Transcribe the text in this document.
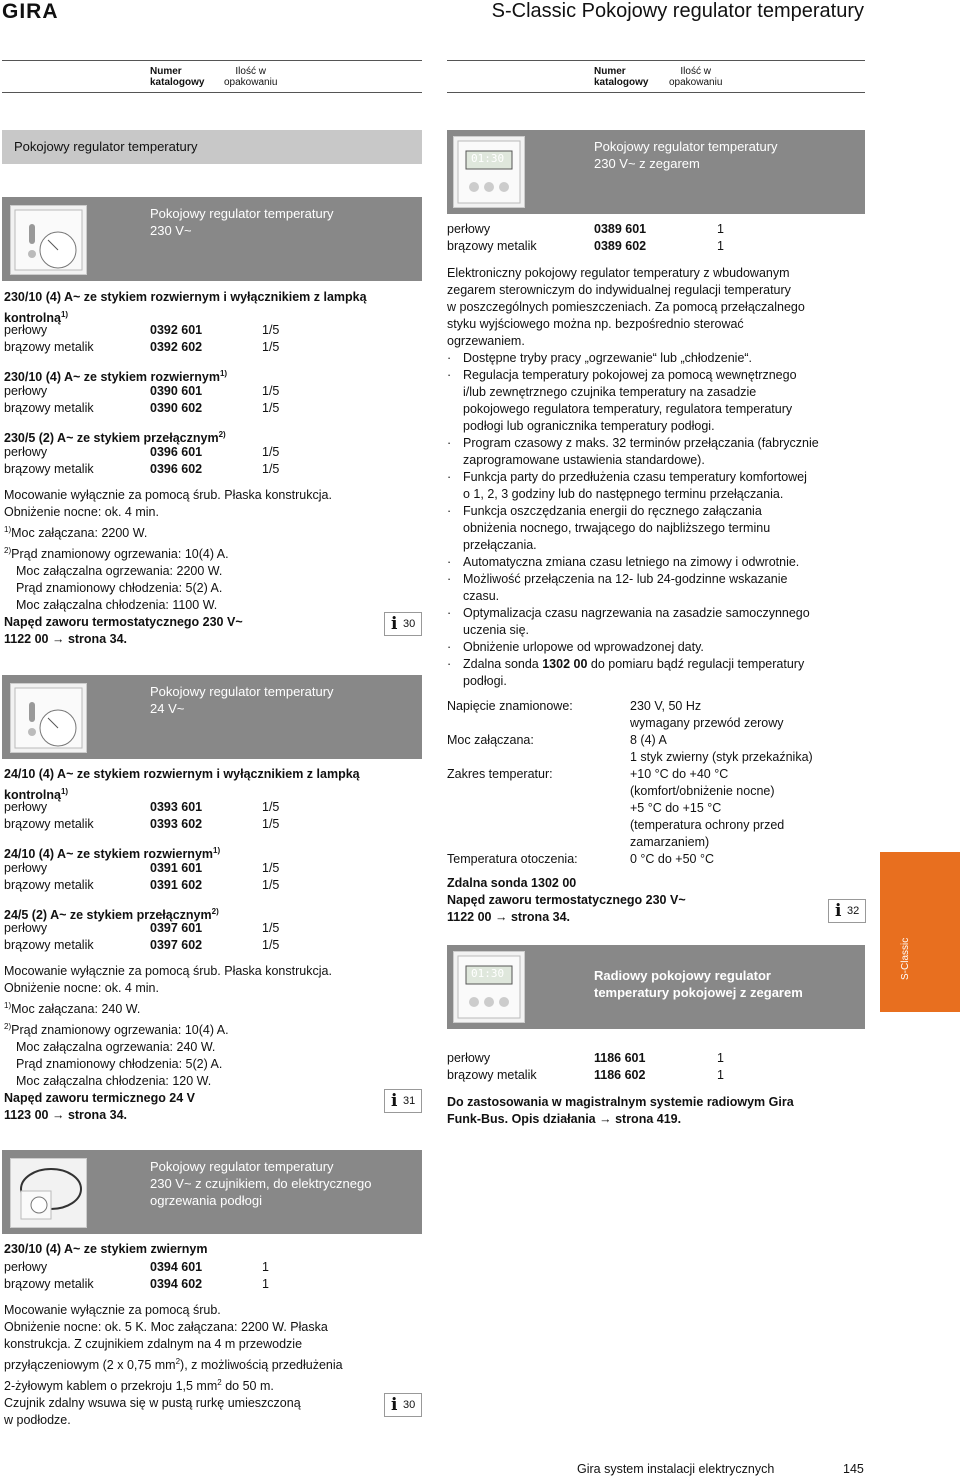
GIRA	S-Classic Pokojowy regulator temperatury
Numer
katalogowy
Ilość w
opakowaniu
Numer
katalogowy
Ilość w
opakowaniu
Pokojowy regulator temperatury
Pokojowy regulator temperatury
230 V~
230/10 (4) A~ ze stykiem rozwiernym i wyłącznikiem z lampką
kontrolną$^{1)}$
perłowy	0392 601	1/5
brązowy metalik	0392 602	1/5
230/10 (4) A~ ze stykiem rozwiernym$^{1)}$
perłowy	0390 601	1/5
brązowy metalik	0390 602	1/5
230/5 (2) A~ ze stykiem przełącznym$^{2)}$
perłowy	0396 601	1/5
brązowy metalik	0396 602	1/5
Mocowanie wyłącznie za pomocą śrub. Płaska konstrukcja.
Obniżenie nocne: ok. 4 min.
$^{1)}$Moc załączana: 2200 W.
$^{2)}$Prąd znamionowy ogrzewania: 10(4) A.
Moc załączalna ogrzewania: 2200 W.
Prąd znamionowy chłodzenia: 5(2) A.
Moc załączalna chłodzenia: 1100 W.
Napęd zaworu termostatycznego 230 V~
1122 00 → strona 34.
i 30
Pokojowy regulator temperatury
24 V~
24/10 (4) A~ ze stykiem rozwiernym i wyłącznikiem z lampką
kontrolną$^{1)}$
perłowy	0393 601	1/5
brązowy metalik	0393 602	1/5
24/10 (4) A~ ze stykiem rozwiernym$^{1)}$
perłowy	0391 601	1/5
brązowy metalik	0391 602	1/5
24/5 (2) A~ ze stykiem przełącznym$^{2)}$
perłowy	0397 601	1/5
brązowy metalik	0397 602	1/5
Mocowanie wyłącznie za pomocą śrub. Płaska konstrukcja.
Obniżenie nocne: ok. 4 min.
$^{1)}$Moc załączana: 240 W.
$^{2)}$Prąd znamionowy ogrzewania: 10(4) A.
Moc załączalna ogrzewania: 240 W.
Prąd znamionowy chłodzenia: 5(2) A.
Moc załączalna chłodzenia: 120 W.
Napęd zaworu termicznego 24 V
1123 00 → strona 34.
i 31
Pokojowy regulator temperatury
230 V~ z czujnikiem, do elektrycznego
ogrzewania podłogi
230/10 (4) A~ ze stykiem zwiernym
perłowy	0394 601	1
brązowy metalik	0394 602	1
Mocowanie wyłącznie za pomocą śrub.
Obniżenie nocne: ok. 5 K. Moc załączana: 2200 W. Płaska
konstrukcja. Z czujnikiem zdalnym na 4 m przewodzie
przyłączeniowym (2 x 0,75 $mm^2$), z możliwością przedłużenia
2-żyłowym kablem o przekroju 1,5 $mm^2$ do 50 m.
Czujnik zdalny wsuwa się w pustą rurkę umieszczoną
w podłodze.
i 30
01:30
Pokojowy regulator temperatury
230 V~ z zegarem
perłowy	0389 601	1
brązowy metalik	0389 602	1
Elektroniczny pokojowy regulator temperatury z wbudowanym
zegarem sterowniczym do indywidualnej regulacji temperatury
w poszczególnych pomieszczeniach. Za pomocą przełączalnego
styku wyjściowego można np. bezpośrednio sterować
ogrzewaniem.
· Dostępne tryby pracy „ogrzewanie“ lub „chłodzenie“.
· Regulacja temperatury pokojowej za pomocą wewnętrznego
i/lub zewnętrznego czujnika temperatury na zasadzie
pokojowego regulatora temperatury, regulatora temperatury
podłogi lub ogranicznika temperatury podłogi.
· Program czasowy z maks. 32 terminów przełączania (fabrycznie
zaprogramowane ustawienia standardowe).
· Funkcja party do przedłużenia czasu temperatury komfortowej
o 1, 2, 3 godziny lub do następnego terminu przełączania.
· Funkcja oszczędzania energii do ręcznego załączania
obniżenia nocnego, trwającego do najbliższego terminu
przełączania.
· Automatyczna zmiana czasu letniego na zimowy i odwrotnie.
· Możliwość przełączenia na 12- lub 24-godzinne wskazanie
czasu.
· Optymalizacja czasu nagrzewania na zasadzie samoczynnego
uczenia się.
· Obniżenie urlopowe od wprowadzonej daty.
· Zdalna sonda 1302 00 do pomiaru bądź regulacji temperatury
podłogi.
Napięcie znamionowe:	230 V, 50 Hz
wymagany przewód zerowy
Moc załączana:	8 (4) A
1 styk zwierny (styk przekaźnika)
Zakres temperatur:	+10 °C do +40 °C
(komfort/obniżenie nocne)
+5 °C do +15 °C
(temperatura ochrony przed
zamarzaniem)
Temperatura otoczenia:	0 °C do +50 °C
Zdalna sonda 1302 00
Napęd zaworu termostatycznego 230 V~
1122 00 → strona 34.	i 32
S-Classic
01:30	Radiowy pokojowy regulator
temperatury pokojowej z zegarem
perłowy	1186 601	1
brązowy metalik	1186 602	1
Do zastosowania w magistralnym systemie radiowym Gira
Funk-Bus. Opis działania → strona 419.
Gira system instalacji elektrycznych	145
